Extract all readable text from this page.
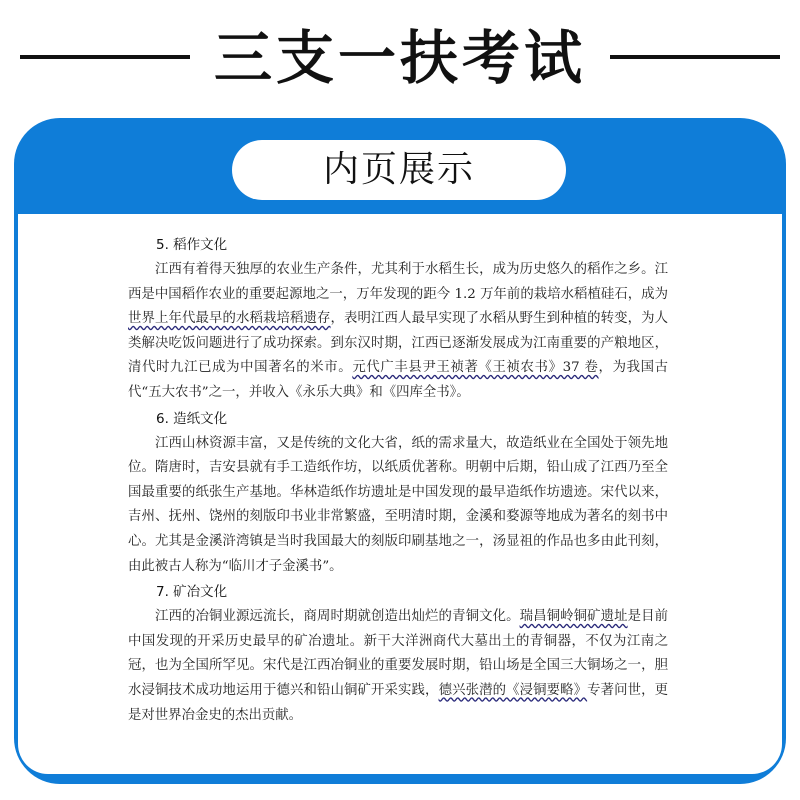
三支一扶考试
内页展示
5. 稻作文化

江西有着得天独厚的农业生产条件，尤其利于水稻生长，成为历史悠久的稻作之乡。江西是中国稻作农业的重要起源地之一，万年发现的距今 1.2 万年前的栽培水稻植硅石，成为世界上年代最早的水稻栽培稻遗存，表明江西人最早实现了水稻从野生到种植的转变，为人类解决吃饭问题进行了成功探索。到东汉时期，江西已逐渐发展成为江南重要的产粮地区，清代时九江已成为中国著名的米市。元代广丰县尹王祯著《王祯农书》37 卷，为我国古代“五大农书”之一，并收入《永乐大典》和《四库全书》。

6. 造纸文化

江西山林资源丰富，又是传统的文化大省，纸的需求量大，故造纸业在全国处于领先地位。隋唐时，吉安县就有手工造纸作坊，以纸质优著称。明朝中后期，铅山成了江西乃至全国最重要的纸张生产基地。华林造纸作坊遗址是中国发现的最早造纸作坊遗迹。宋代以来，吉州、抚州、饶州的刻版印书业非常繁盛，至明清时期，金溪和婺源等地成为著名的刻书中心。尤其是金溪浒湾镇是当时我国最大的刻版印刷基地之一，汤显祖的作品也多由此刊刻，由此被古人称为“临川才子金溪书”。

7. 矿冶文化

江西的冶铜业源远流长，商周时期就创造出灿烂的青铜文化。瑞昌铜岭铜矿遗址是目前中国发现的开采历史最早的矿冶遗址。新干大洋洲商代大墓出土的青铜器，不仅为江南之冠，也为全国所罕见。宋代是江西冶铜业的重要发展时期，铅山场是全国三大铜场之一，胆水浸铜技术成功地运用于德兴和铅山铜矿开采实践，德兴张潜的《浸铜要略》专著问世，更是对世界冶金史的杰出贡献。
